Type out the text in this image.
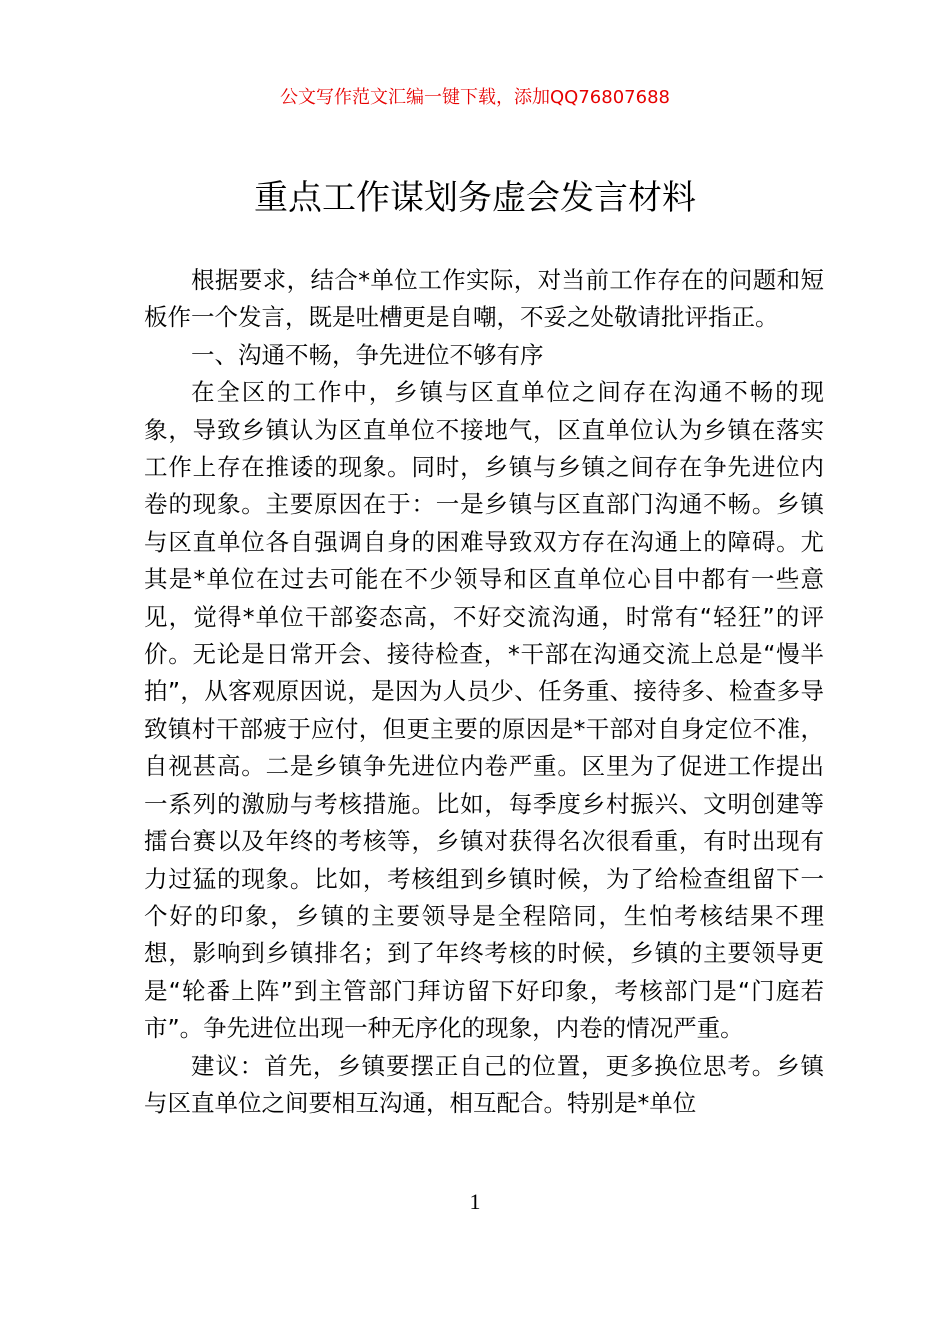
公文写作范文汇编一键下载，添加QQ76807688
重点工作谋划务虚会发言材料

根据要求，结合*单位工作实际，对当前工作存在的问题和短板作一个发言，既是吐槽更是自嘲，不妥之处敬请批评指正。

一、沟通不畅，争先进位不够有序

在全区的工作中，乡镇与区直单位之间存在沟通不畅的现象，导致乡镇认为区直单位不接地气，区直单位认为乡镇在落实工作上存在推诿的现象。同时，乡镇与乡镇之间存在争先进位内卷的现象。主要原因在于：一是乡镇与区直部门沟通不畅。乡镇与区直单位各自强调自身的困难导致双方存在沟通上的障碍。尤其是*单位在过去可能在不少领导和区直单位心目中都有一些意见，觉得*单位干部姿态高，不好交流沟通，时常有“轻狂”的评价。无论是日常开会、接待检查，*干部在沟通交流上总是“慢半拍”，从客观原因说，是因为人员少、任务重、接待多、检查多导致镇村干部疲于应付，但更主要的原因是*干部对自身定位不准，自视甚高。二是乡镇争先进位内卷严重。区里为了促进工作提出一系列的激励与考核措施。比如，每季度乡村振兴、文明创建等擂台赛以及年终的考核等，乡镇对获得名次很看重，有时出现有力过猛的现象。比如，考核组到乡镇时候，为了给检查组留下一个好的印象，乡镇的主要领导是全程陪同，生怕考核结果不理想，影响到乡镇排名；到了年终考核的时候，乡镇的主要领导更是“轮番上阵”到主管部门拜访留下好印象，考核部门是“门庭若市”。争先进位出现一种无序化的现象，内卷的情况严重。

建议：首先，乡镇要摆正自己的位置，更多换位思考。乡镇与区直单位之间要相互沟通，相互配合。特别是*单位

1
